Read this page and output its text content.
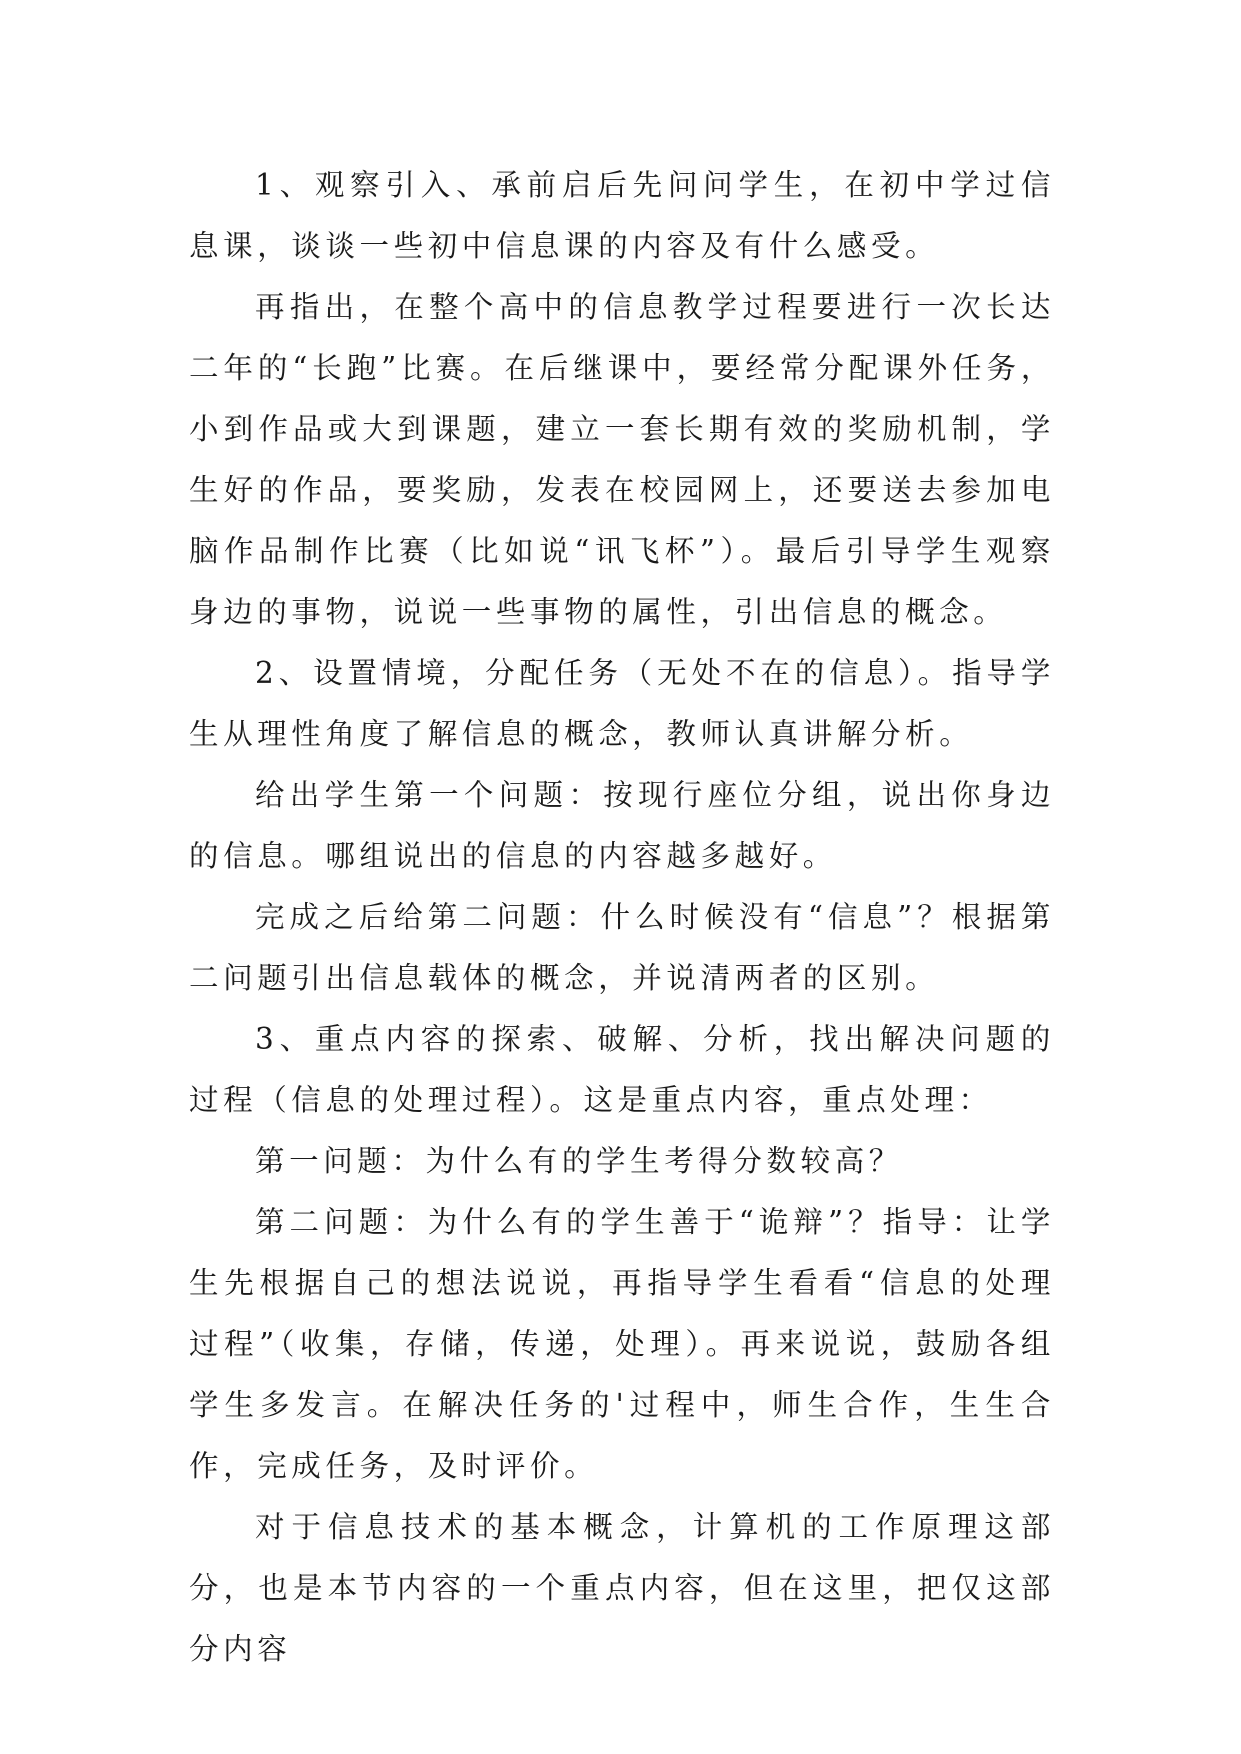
1、观察引入、承前启后先问问学生，在初中学过信息课，谈谈一些初中信息课的内容及有什么感受。

再指出，在整个高中的信息教学过程要进行一次长达二年的“长跑”比赛。在后继课中，要经常分配课外任务，小到作品或大到课题，建立一套长期有效的奖励机制，学生好的作品，要奖励，发表在校园网上，还要送去参加电脑作品制作比赛（比如说“讯飞杯”）。最后引导学生观察身边的事物，说说一些事物的属性，引出信息的概念。

2、设置情境，分配任务（无处不在的信息）。指导学生从理性角度了解信息的概念，教师认真讲解分析。

给出学生第一个问题：按现行座位分组，说出你身边的信息。哪组说出的信息的内容越多越好。

完成之后给第二问题：什么时候没有“信息”？根据第二问题引出信息载体的概念，并说清两者的区别。

3、重点内容的探索、破解、分析，找出解决问题的过程（信息的处理过程）。这是重点内容，重点处理：

第一问题：为什么有的学生考得分数较高？

第二问题：为什么有的学生善于“诡辩”？指导：让学生先根据自己的想法说说，再指导学生看看“信息的处理过程”（收集，存储，传递，处理）。再来说说，鼓励各组学生多发言。在解决任务的'过程中，师生合作，生生合作，完成任务，及时评价。

对于信息技术的基本概念，计算机的工作原理这部分，也是本节内容的一个重点内容，但在这里，把仅这部分内容
